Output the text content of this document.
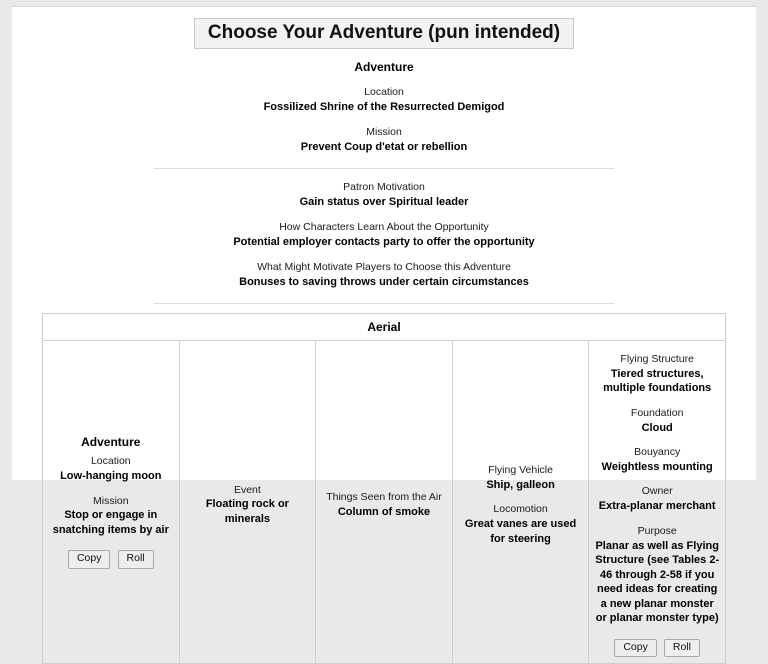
Choose Your Adventure (pun intended)
Adventure
Location
Fossilized Shrine of the Resurrected Demigod
Mission
Prevent Coup d'etat or rebellion
Patron Motivation
Gain status over Spiritual leader
How Characters Learn About the Opportunity
Potential employer contacts party to offer the opportunity
What Might Motivate Players to Choose this Adventure
Bonuses to saving throws under certain circumstances
Aerial

Adventure
Location
Low-hanging moon
Mission
Stop or engage in snatching items by air
Copy Roll

Event
Floating rock or minerals

Things Seen from the Air
Column of smoke

Flying Vehicle
Ship, galleon
Locomotion
Great vanes are used for steering

Flying Structure
Tiered structures, multiple foundations
Foundation
Cloud
Bouyancy
Weightless mounting
Owner
Extra-planar merchant
Purpose
Planar as well as Flying Structure (see Tables 2-46 through 2-58 if you need ideas for creating a new planar monster or planar monster type)
Copy Roll
